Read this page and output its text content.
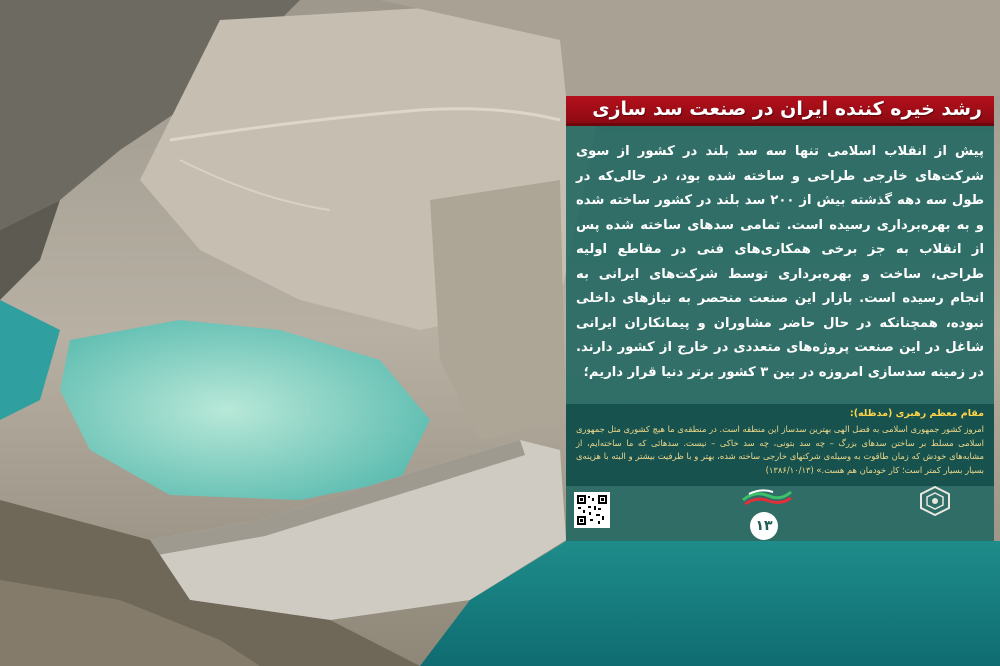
رشد خیره کننده ایران در صنعت سد سازی
پیش از انقلاب اسلامی تنها سه سد بلند در کشور از سوی شرکت‌های خارجی طراحی و ساخته شده بود، در حالی‌که در طول سه دهه گذشته بیش از ۲۰۰ سد بلند در کشور ساخته شده و به بهره‌برداری رسیده است. تمامی سدهای ساخته شده پس از انقلاب به جز برخی همکاری‌های فنی در مقاطع اولیه طراحی، ساخت و بهره‌برداری توسط شرکت‌های ایرانی به انجام رسیده است. بازار این صنعت منحصر به نیازهای داخلی نبوده، همچنانکه در حال حاضر مشاوران و پیمانکاران ایرانی شاغل در این صنعت پروژه‌های متعددی در خارج از کشور دارند. در زمینه سدسازی امروزه در بین ۳ کشور برتر دنیا قرار داریم؛
مقام معظم رهبری (مدظله):
امروز کشور جمهوری اسلامی به فضل الهی بهترین سدساز این منطقه است. در منطقه‌ی ما هیچ کشوری مثل جمهوری اسلامی مسلط بر ساختن سدهای بزرگ – چه سد بتونی، چه سد خاکی – نیست. سدهائی که ما ساخته‌ایم، از مشابه‌های خودش که زمان طاقوت به وسیله‌ی شرکتهای خارجی ساخته شده، بهتر و با ظرفیت بیشتر و البته با هزینه‌ی بسیار بسیار کمتر است؛ کار خودمان هم هست.» (۱۳۸۶/۱۰/۱۳)
۱۳
